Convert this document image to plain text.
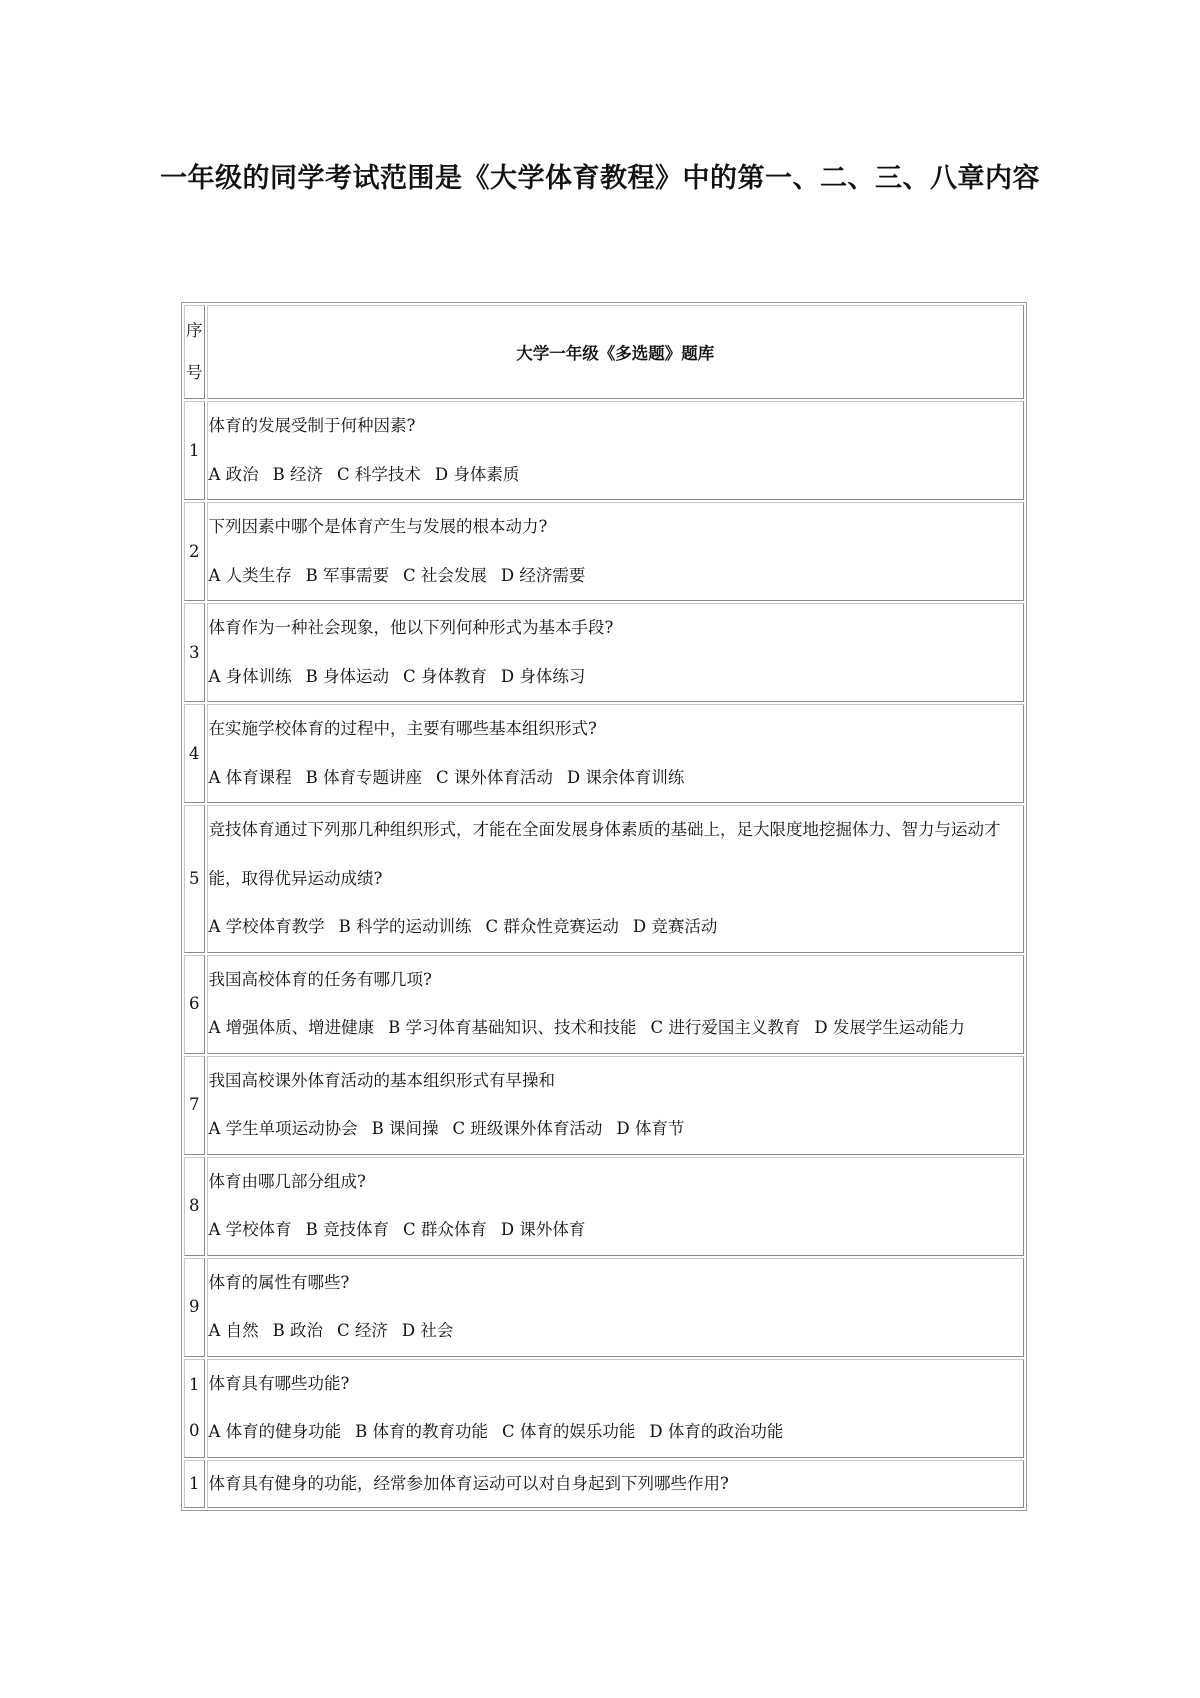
一年级的同学考试范围是《大学体育教程》中的第一、二、三、八章内容
序号	大学一年级《多选题》题库
1	体育的发展受制于何种因素?
A 政治 B 经济 C 科学技术 D 身体素质

2	下列因素中哪个是体育产生与发展的根本动力?
A 人类生存 B 军事需要 C 社会发展 D 经济需要

3	体育作为一种社会现象，他以下列何种形式为基本手段?
A 身体训练 B 身体运动 C 身体教育 D 身体练习

4	在实施学校体育的过程中，主要有哪些基本组织形式?
A 体育课程 B 体育专题讲座 C 课外体育活动 D 课余体育训练

5	竞技体育通过下列那几种组织形式，才能在全面发展身体素质的基础上，足大限度地挖掘体力、智力与运动才能，取得优异运动成绩?
A 学校体育教学 B 科学的运动训练 C 群众性竞赛运动 D 竞赛活动

6	我国高校体育的任务有哪几项?
A 增强体质、增进健康 B 学习体育基础知识、技术和技能 C 进行爱国主义教育 D 发展学生运动能力

7	我国高校课外体育活动的基本组织形式有早操和
A 学生单项运动协会 B 课间操 C 班级课外体育活动 D 体育节

8	体育由哪几部分组成?
A 学校体育 B 竞技体育 C 群众体育 D 课外体育

9	体育的属性有哪些?
A 自然 B 政治 C 经济 D 社会

10	体育具有哪些功能?
A 体育的健身功能 B 体育的教育功能 C 体育的娱乐功能 D 体育的政治功能

1	体育具有健身的功能，经常参加体育运动可以对自身起到下列哪些作用?
